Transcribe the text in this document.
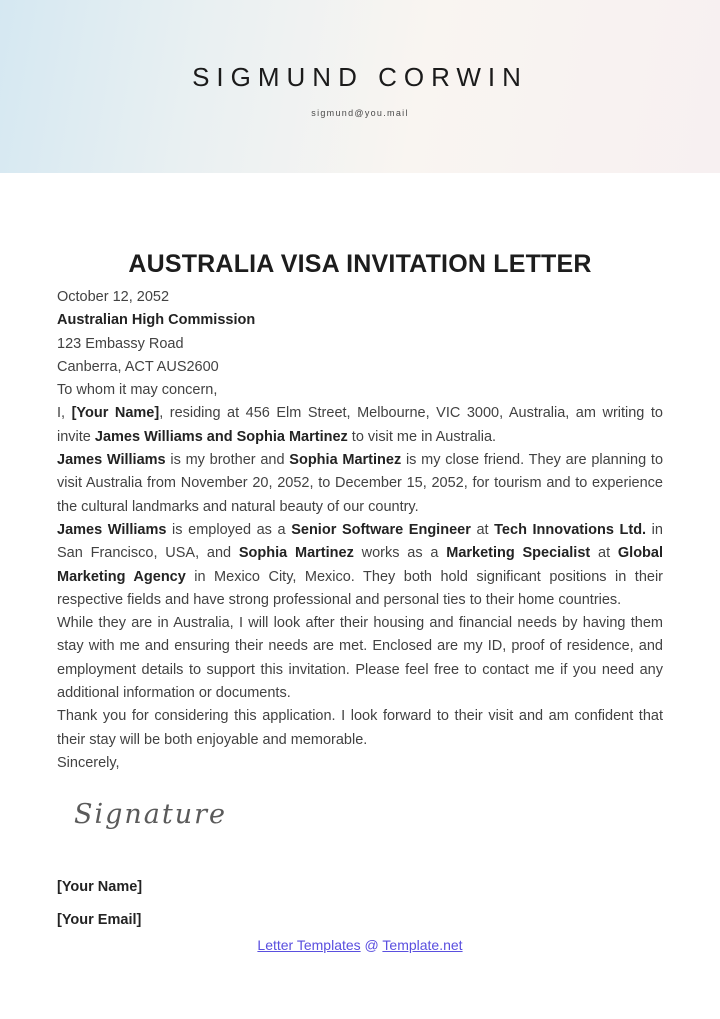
SIGMUND CORWIN
sigmund@you.mail
AUSTRALIA VISA INVITATION LETTER
October 12, 2052
Australian High Commission
123 Embassy Road
Canberra, ACT AUS2600
To whom it may concern,
I, [Your Name], residing at 456 Elm Street, Melbourne, VIC 3000, Australia, am writing to invite James Williams and Sophia Martinez to visit me in Australia.
James Williams is my brother and Sophia Martinez is my close friend. They are planning to visit Australia from November 20, 2052, to December 15, 2052, for tourism and to experience the cultural landmarks and natural beauty of our country.
James Williams is employed as a Senior Software Engineer at Tech Innovations Ltd. in San Francisco, USA, and Sophia Martinez works as a Marketing Specialist at Global Marketing Agency in Mexico City, Mexico. They both hold significant positions in their respective fields and have strong professional and personal ties to their home countries.
While they are in Australia, I will look after their housing and financial needs by having them stay with me and ensuring their needs are met. Enclosed are my ID, proof of residence, and employment details to support this invitation. Please feel free to contact me if you need any additional information or documents.
Thank you for considering this application. I look forward to their visit and am confident that their stay will be both enjoyable and memorable.
Sincerely,
Signature
[Your Name]
[Your Email]
Letter Templates @ Template.net
